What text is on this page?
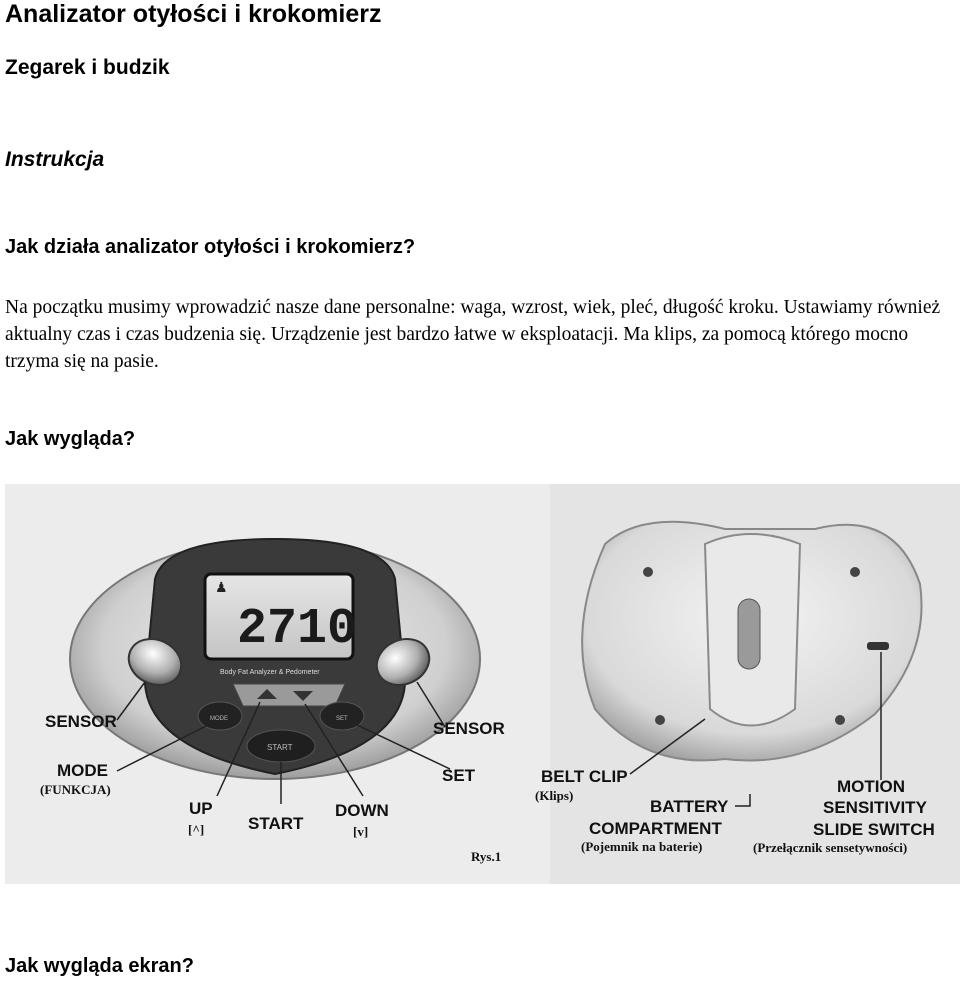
Analizator otyłości i krokomierz
Zegarek i budzik
Instrukcja
Jak działa analizator otyłości i krokomierz?

Na początku musimy wprowadzić nasze dane personalne: waga, wzrost, wiek, pleć, długość kroku. Ustawiamy również aktualny czas i czas budzenia się. Urządzenie jest bardzo łatwe w eksploatacji. Ma klips, za pomocą którego mocno trzyma się na pasie.

Jak wygląda?
♟
2710
Body Fat Analyzer & Pedometer
MODE	SET
START
SENSOR
MODE
(FUNKCJA)
UP
[^]	START
DOWN
[v]
SENSOR
SET
Rys.1
BELT CLIP
(Klips)
BATTERY
COMPARTMENT
(Pojemnik na baterie)
MOTION
SENSITIVITY
SLIDE SWITCH
(Przełącznik sensetywności)
Jak wygląda ekran?
